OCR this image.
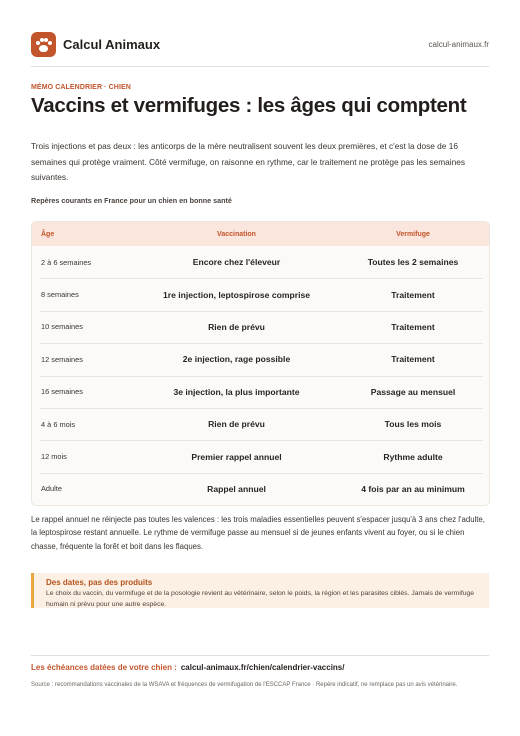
Calcul Animaux	calcul-animaux.fr
MÉMO CALENDRIER · CHIEN
Vaccins et vermifuges : les âges qui comptent

Trois injections et pas deux : les anticorps de la mère neutralisent souvent les deux premières, et c'est la dose de 16 semaines qui protège vraiment. Côté vermifuge, on raisonne en rythme, car le traitement ne protège pas les semaines suivantes.

Repères courants en France pour un chien en bonne santé
Âge	Vaccination	Vermifuge
2 à 6 semaines	Encore chez l'éleveur	Toutes les 2 semaines
8 semaines	1re injection, leptospirose comprise	Traitement
10 semaines	Rien de prévu	Traitement
12 semaines	2e injection, rage possible	Traitement
16 semaines	3e injection, la plus importante	Passage au mensuel
4 à 6 mois	Rien de prévu	Tous les mois
12 mois	Premier rappel annuel	Rythme adulte
Adulte	Rappel annuel	4 fois par an au minimum

Le rappel annuel ne réinjecte pas toutes les valences : les trois maladies essentielles peuvent s'espacer jusqu'à 3 ans chez l'adulte, la leptospirose restant annuelle. Le rythme de vermifuge passe au mensuel si de jeunes enfants vivent au foyer, ou si le chien chasse, fréquente la forêt et boit dans les flaques.

Des dates, pas des produits
Le choix du vaccin, du vermifuge et de la posologie revient au vétérinaire, selon le poids, la région et les parasites ciblés. Jamais de vermifuge humain ni prévu pour une autre espèce.
Les échéances datées de votre chien : calcul-animaux.fr/chien/calendrier-vaccins/
Source : recommandations vaccinales de la WSAVA et fréquences de vermifugation de l'ESCCAP France · Repère indicatif, ne remplace pas un avis vétérinaire.
